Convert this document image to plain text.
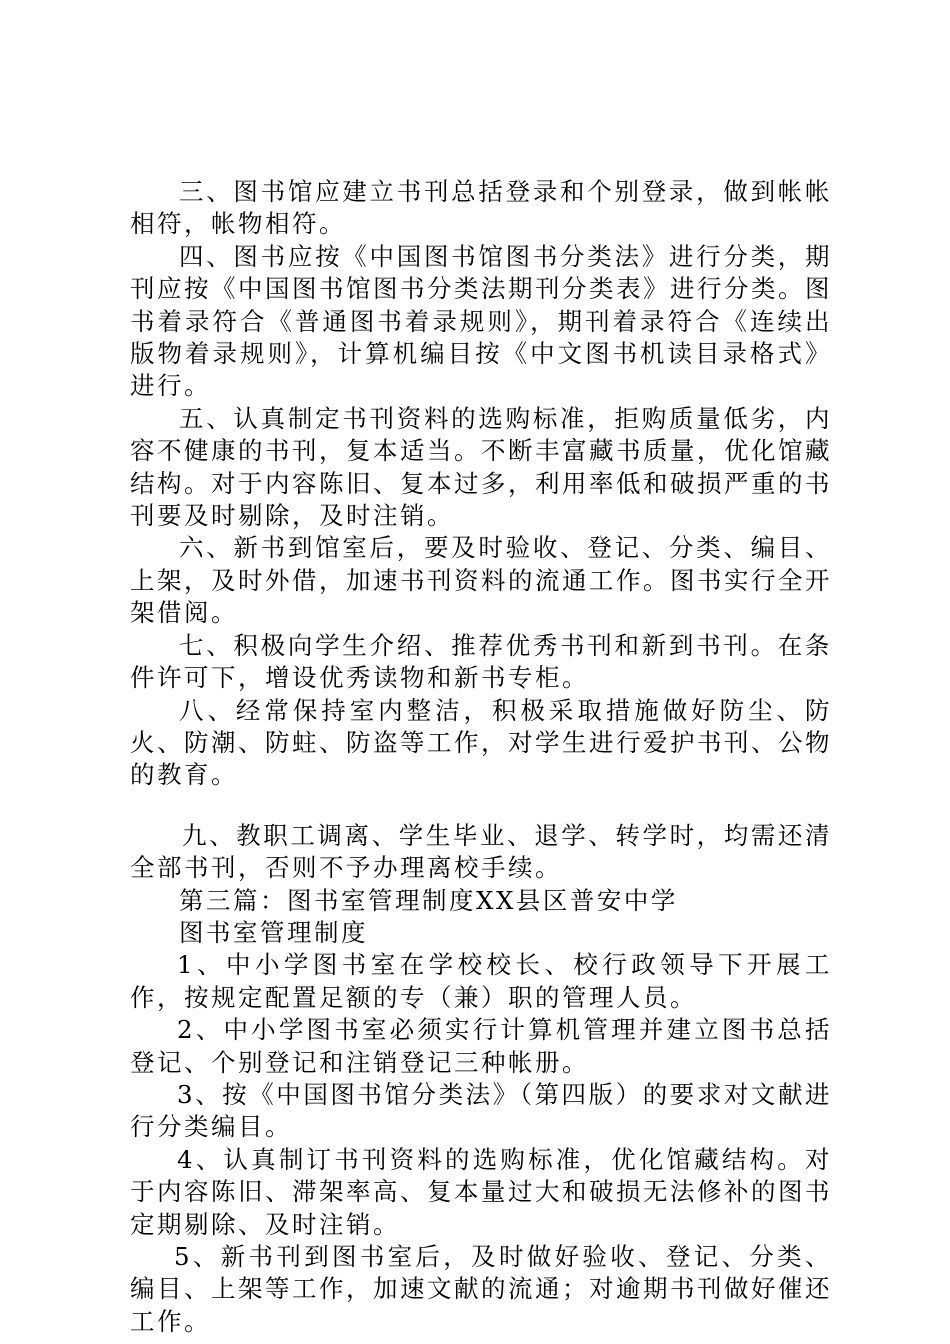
三、图书馆应建立书刊总括登录和个别登录，做到帐帐相符，帐物相符。

四、图书应按《中国图书馆图书分类法》进行分类，期刊应按《中国图书馆图书分类法期刊分类表》进行分类。图书着录符合《普通图书着录规则》，期刊着录符合《连续出版物着录规则》，计算机编目按《中文图书机读目录格式》进行。

五、认真制定书刊资料的选购标准，拒购质量低劣，内容不健康的书刊，复本适当。不断丰富藏书质量，优化馆藏结构。对于内容陈旧、复本过多，利用率低和破损严重的书刊要及时剔除，及时注销。

六、新书到馆室后，要及时验收、登记、分类、编目、上架，及时外借，加速书刊资料的流通工作。图书实行全开架借阅。

七、积极向学生介绍、推荐优秀书刊和新到书刊。在条件许可下，增设优秀读物和新书专柜。

八、经常保持室内整洁，积极采取措施做好防尘、防火、防潮、防蛀、防盗等工作，对学生进行爱护书刊、公物的教育。

九、教职工调离、学生毕业、退学、转学时，均需还清全部书刊，否则不予办理离校手续。

第三篇：图书室管理制度XX县区普安中学

图书室管理制度

1、中小学图书室在学校校长、校行政领导下开展工作，按规定配置足额的专（兼）职的管理人员。

2、中小学图书室必须实行计算机管理并建立图书总括登记、个别登记和注销登记三种帐册。

3、按《中国图书馆分类法》（第四版）的要求对文献进行分类编目。

4、认真制订书刊资料的选购标准，优化馆藏结构。对于内容陈旧、滞架率高、复本量过大和破损无法修补的图书定期剔除、及时注销。

5、新书刊到图书室后，及时做好验收、登记、分类、编目、上架等工作，加速文献的流通；对逾期书刊做好催还工作。
